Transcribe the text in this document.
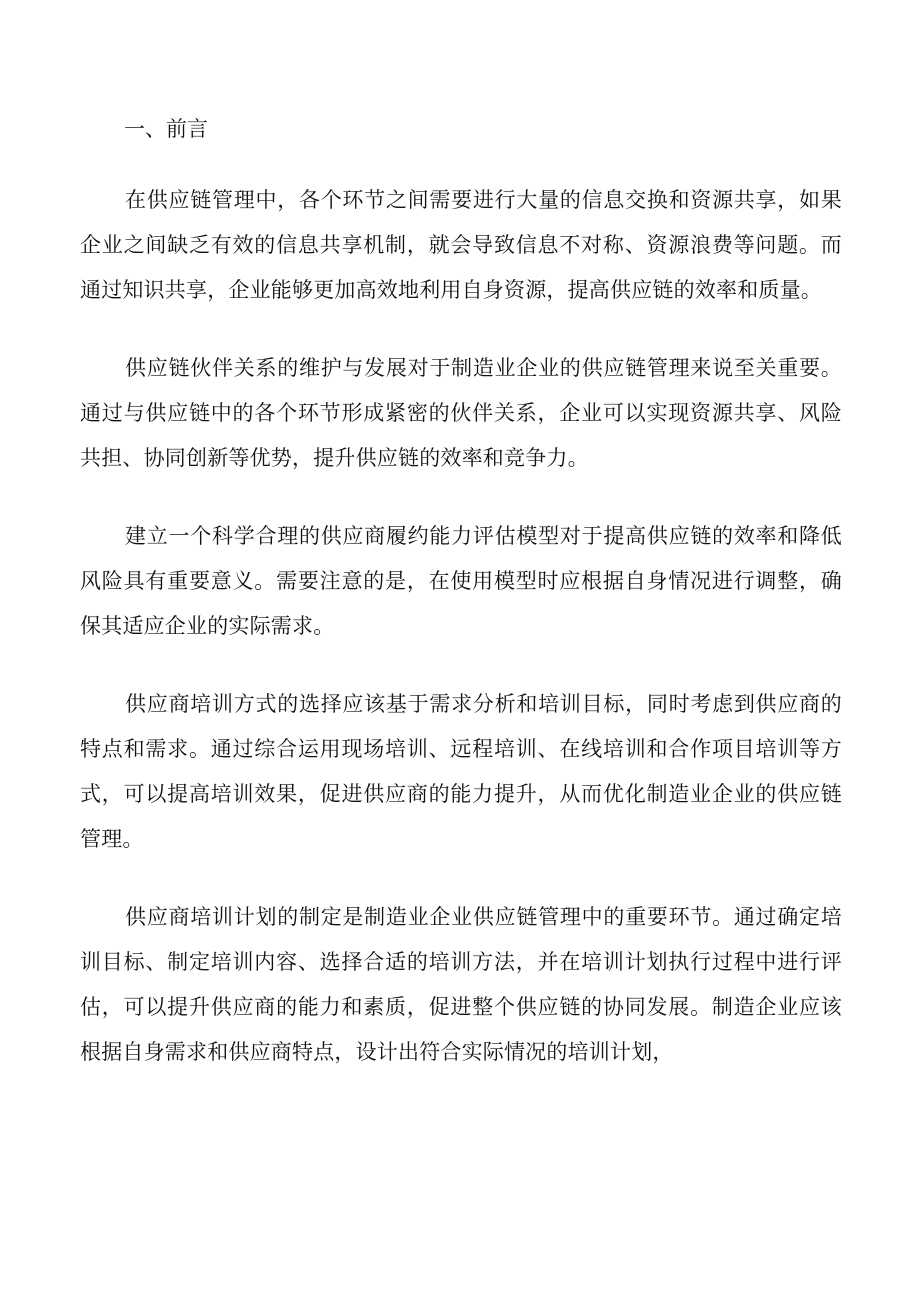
一、前言

在供应链管理中，各个环节之间需要进行大量的信息交换和资源共享，如果企业之间缺乏有效的信息共享机制，就会导致信息不对称、资源浪费等问题。而通过知识共享，企业能够更加高效地利用自身资源，提高供应链的效率和质量。

供应链伙伴关系的维护与发展对于制造业企业的供应链管理来说至关重要。通过与供应链中的各个环节形成紧密的伙伴关系，企业可以实现资源共享、风险共担、协同创新等优势，提升供应链的效率和竞争力。

建立一个科学合理的供应商履约能力评估模型对于提高供应链的效率和降低风险具有重要意义。需要注意的是，在使用模型时应根据自身情况进行调整，确保其适应企业的实际需求。

供应商培训方式的选择应该基于需求分析和培训目标，同时考虑到供应商的特点和需求。通过综合运用现场培训、远程培训、在线培训和合作项目培训等方式，可以提高培训效果，促进供应商的能力提升，从而优化制造业企业的供应链管理。

供应商培训计划的制定是制造业企业供应链管理中的重要环节。通过确定培训目标、制定培训内容、选择合适的培训方法，并在培训计划执行过程中进行评估，可以提升供应商的能力和素质，促进整个供应链的协同发展。制造企业应该根据自身需求和供应商特点，设计出符合实际情况的培训计划，
